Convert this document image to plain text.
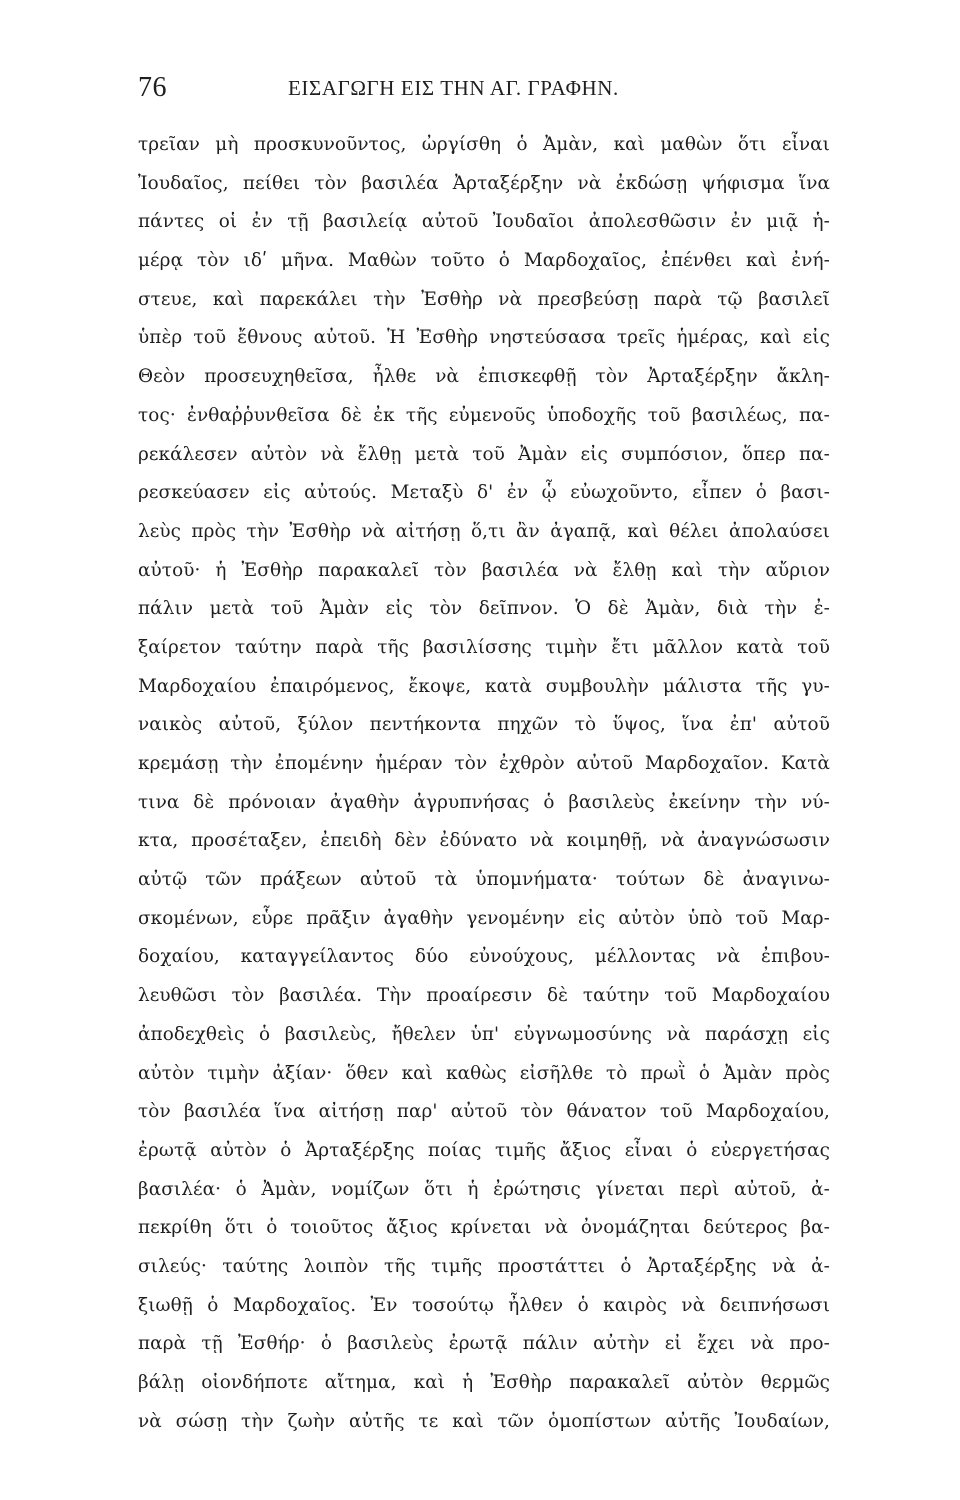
76	ΕΙΣΑΓΩΓΗ ΕΙΣ ΤΗΝ ΑΓ. ΓΡΑΦΗΝ.
τρεῖαν μὴ προσκυνοῦντος, ὠργίσθη ὁ Ἀμὰν, καὶ μαθὼν ὅτι εἶναι
Ἰουδαῖος, πείθει τὸν βασιλέα Ἀρταξέρξην νὰ ἐκδώσῃ ψήφισμα ἵνα
πάντες οἱ ἐν τῇ βασιλείᾳ αὐτοῦ Ἰουδαῖοι ἀπολεσθῶσιν ἐν μιᾷ ἡ-
μέρᾳ τὸν ιδʹ μῆνα. Μαθὼν τοῦτο ὁ Μαρδοχαῖος, ἐπένθει καὶ ἐνή-
στευε, καὶ παρεκάλει τὴν Ἐσθὴρ νὰ πρεσβεύσῃ παρὰ τῷ βασιλεῖ
ὑπὲρ τοῦ ἔθνους αὐτοῦ. Ἡ Ἐσθὴρ νηστεύσασα τρεῖς ἡμέρας, καὶ εἰς
Θεὸν προσευχηθεῖσα, ἦλθε νὰ ἐπισκεφθῇ τὸν Ἀρταξέρξην ἄκλη-
τος· ἐνθαῤῥυνθεῖσα δὲ ἐκ τῆς εὐμενοῦς ὑποδοχῆς τοῦ βασιλέως, πα-
ρεκάλεσεν αὐτὸν νὰ ἔλθῃ μετὰ τοῦ Ἀμὰν εἰς συμπόσιον, ὅπερ πα-
ρεσκεύασεν εἰς αὐτούς. Μεταξὺ δ' ἐν ᾧ εὐωχοῦντο, εἶπεν ὁ βασι-
λεὺς πρὸς τὴν Ἐσθὴρ νὰ αἰτήσῃ ὅ,τι ἂν ἀγαπᾷ, καὶ θέλει ἀπολαύσει
αὐτοῦ· ἡ Ἐσθὴρ παρακαλεῖ τὸν βασιλέα νὰ ἔλθῃ καὶ τὴν αὔριον
πάλιν μετὰ τοῦ Ἀμὰν εἰς τὸν δεῖπνον. Ὁ δὲ Ἀμὰν, διὰ τὴν ἐ-
ξαίρετον ταύτην παρὰ τῆς βασιλίσσης τιμὴν ἔτι μᾶλλον κατὰ τοῦ
Μαρδοχαίου ἐπαιρόμενος, ἔκοψε, κατὰ συμβουλὴν μάλιστα τῆς γυ-
ναικὸς αὐτοῦ, ξύλον πεντήκοντα πηχῶν τὸ ὕψος, ἵνα ἐπ' αὐτοῦ
κρεμάσῃ τὴν ἐπομένην ἡμέραν τὸν ἐχθρὸν αὐτοῦ Μαρδοχαῖον. Κατὰ
τινα δὲ πρόνοιαν ἀγαθὴν ἀγρυπνήσας ὁ βασιλεὺς ἐκείνην τὴν νύ-
κτα, προσέταξεν, ἐπειδὴ δὲν ἐδύνατο νὰ κοιμηθῇ, νὰ ἀναγνώσωσιν
αὐτῷ τῶν πράξεων αὐτοῦ τὰ ὑπομνήματα· τούτων δὲ ἀναγινω-
σκομένων, εὗρε πρᾶξιν ἀγαθὴν γενομένην εἰς αὐτὸν ὑπὸ τοῦ Μαρ-
δοχαίου, καταγγείλαντος δύο εὐνούχους, μέλλοντας νὰ ἐπιβου-
λευθῶσι τὸν βασιλέα. Τὴν προαίρεσιν δὲ ταύτην τοῦ Μαρδοχαίου
ἀποδεχθεὶς ὁ βασιλεὺς, ἤθελεν ὑπ' εὐγνωμοσύνης νὰ παράσχῃ εἰς
αὐτὸν τιμὴν ἀξίαν· ὅθεν καὶ καθὼς εἰσῆλθε τὸ πρωῒ ὁ Ἀμὰν πρὸς
τὸν βασιλέα ἵνα αἰτήσῃ παρ' αὐτοῦ τὸν θάνατον τοῦ Μαρδοχαίου,
ἐρωτᾷ αὐτὸν ὁ Ἀρταξέρξης ποίας τιμῆς ἄξιος εἶναι ὁ εὐεργετήσας
βασιλέα· ὁ Ἀμὰν, νομίζων ὅτι ἡ ἐρώτησις γίνεται περὶ αὐτοῦ, ἀ-
πεκρίθη ὅτι ὁ τοιοῦτος ἄξιος κρίνεται νὰ ὀνομάζηται δεύτερος βα-
σιλεύς· ταύτης λοιπὸν τῆς τιμῆς προστάττει ὁ Ἀρταξέρξης νὰ ἀ-
ξιωθῇ ὁ Μαρδοχαῖος. Ἐν τοσούτῳ ἦλθεν ὁ καιρὸς νὰ δειπνήσωσι
παρὰ τῇ Ἐσθήρ· ὁ βασιλεὺς ἐρωτᾷ πάλιν αὐτὴν εἰ ἔχει νὰ προ-
βάλῃ οἱονδήποτε αἴτημα, καὶ ἡ Ἐσθὴρ παρακαλεῖ αὐτὸν θερμῶς
νὰ σώσῃ τὴν ζωὴν αὐτῆς τε καὶ τῶν ὁμοπίστων αὐτῆς Ἰουδαίων,
